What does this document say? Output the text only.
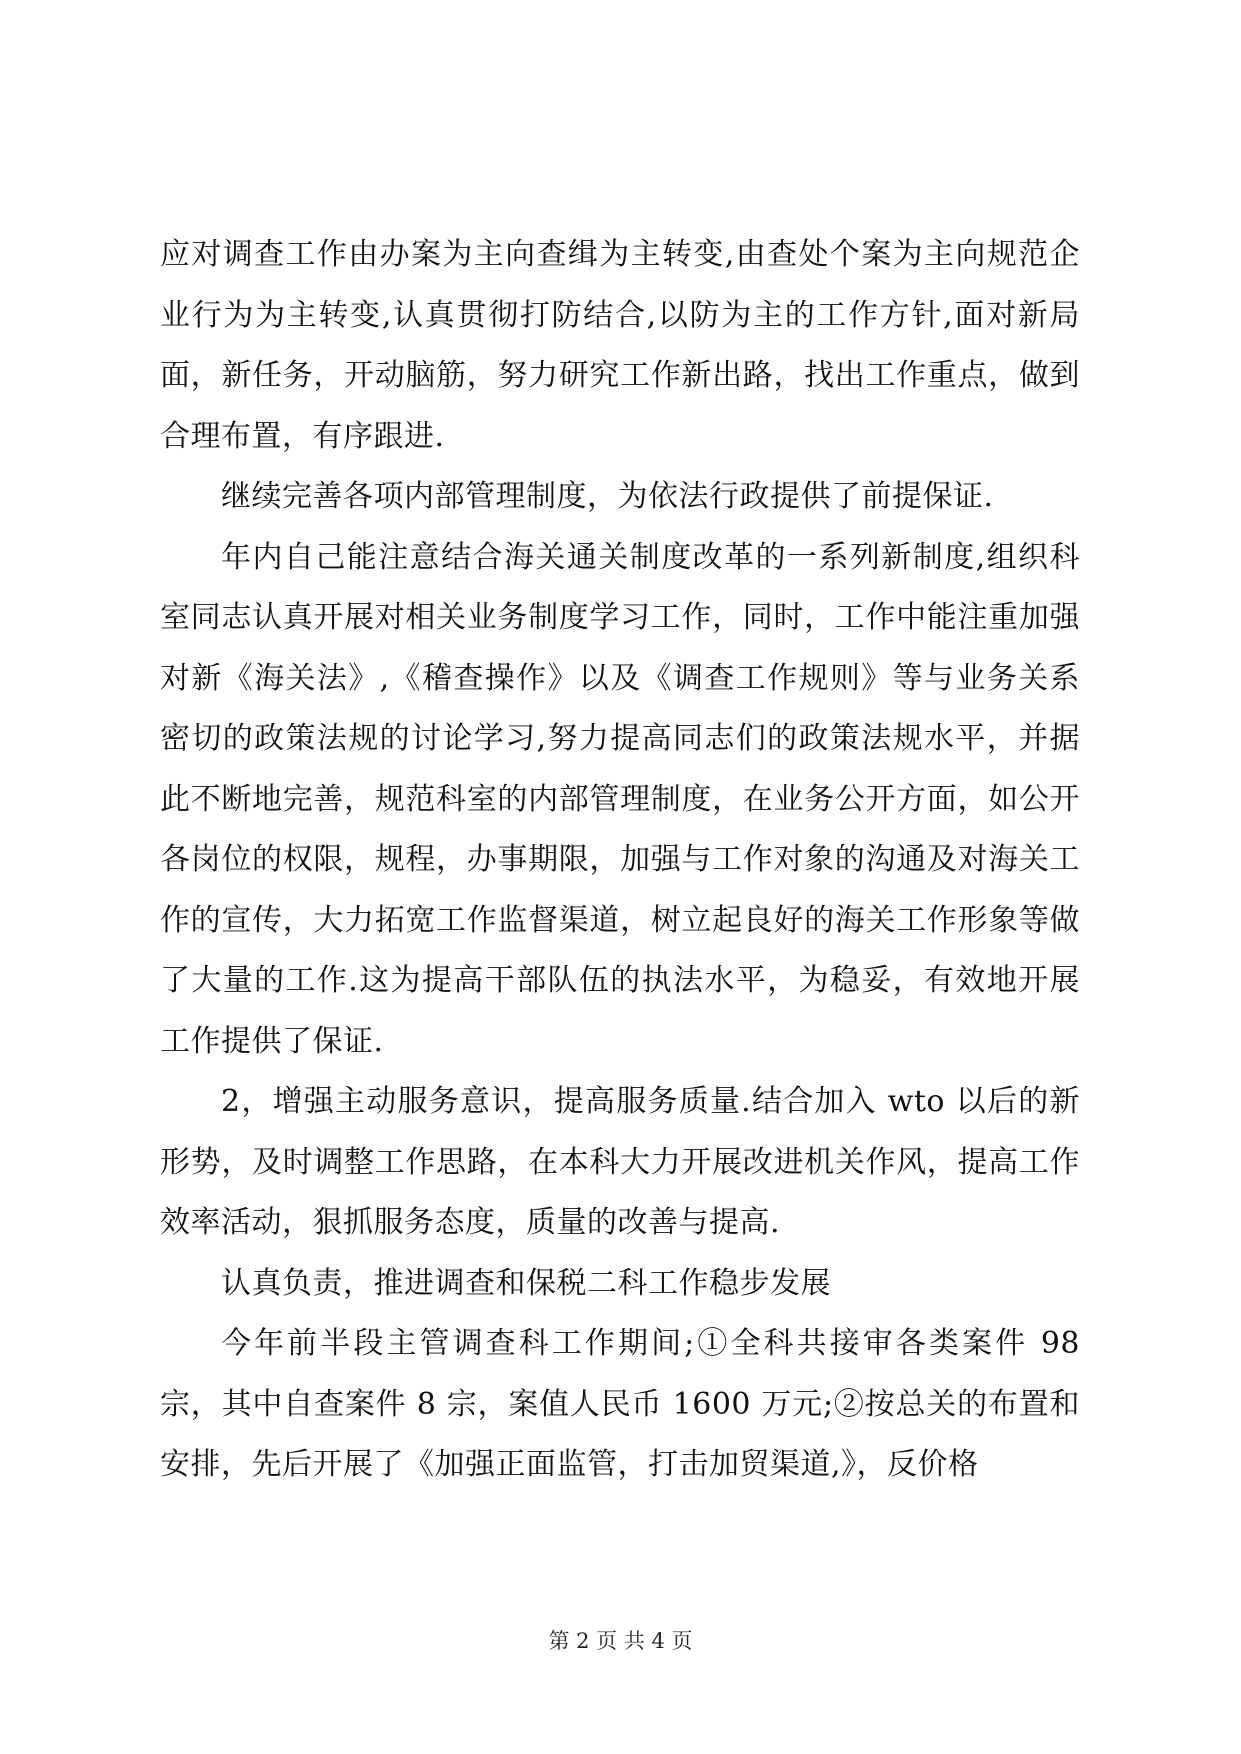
应对调查工作由办案为主向查缉为主转变,由查处个案为主向规范企业行为为主转变,认真贯彻打防结合,以防为主的工作方针,面对新局面，新任务，开动脑筋，努力研究工作新出路，找出工作重点，做到合理布置，有序跟进.

继续完善各项内部管理制度，为依法行政提供了前提保证.

年内自己能注意结合海关通关制度改革的一系列新制度,组织科室同志认真开展对相关业务制度学习工作，同时，工作中能注重加强对新《海关法》,《稽查操作》以及《调查工作规则》等与业务关系密切的政策法规的讨论学习,努力提高同志们的政策法规水平，并据此不断地完善，规范科室的内部管理制度，在业务公开方面，如公开各岗位的权限，规程，办事期限，加强与工作对象的沟通及对海关工作的宣传，大力拓宽工作监督渠道，树立起良好的海关工作形象等做了大量的工作.这为提高干部队伍的执法水平，为稳妥，有效地开展工作提供了保证.

2，增强主动服务意识，提高服务质量.结合加入 wto 以后的新形势，及时调整工作思路，在本科大力开展改进机关作风，提高工作效率活动，狠抓服务态度，质量的改善与提高.

认真负责，推进调查和保税二科工作稳步发展

今年前半段主管调查科工作期间;①全科共接审各类案件 98 宗，其中自查案件 8 宗，案值人民币 1600 万元;②按总关的布置和安排，先后开展了《加强正面监管，打击加贸渠道,》，反价格

第 2 页 共 4 页
